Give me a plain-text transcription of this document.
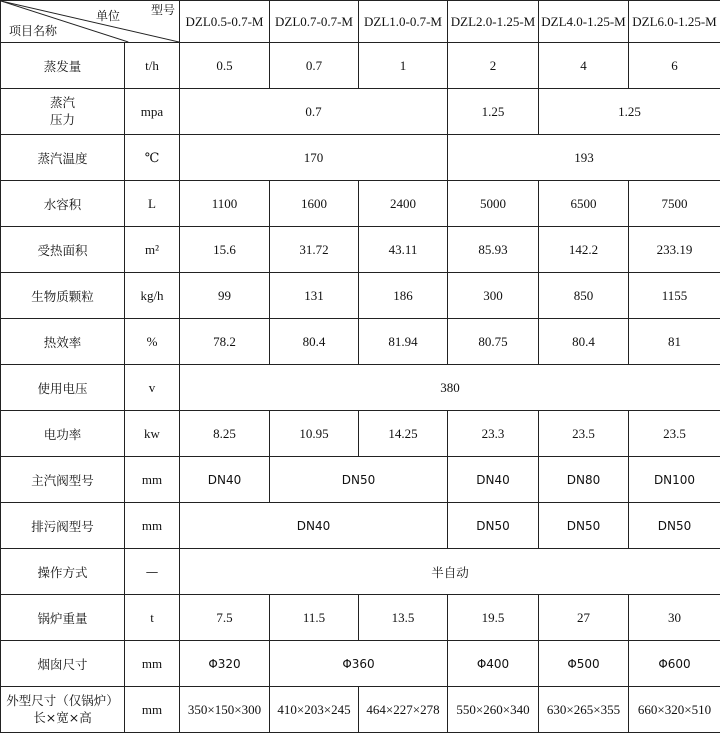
型号
单位
项目名称		DZL0.5-0.7-M	DZL0.7-0.7-M	DZL1.0-0.7-M	DZL2.0-1.25-M	DZL4.0-1.25-M	DZL6.0-1.25-M
蒸发量	t/h	0.5	0.7	1	2	4	6
蒸汽
压力	mpa	0.7			1.25	1.25	
蒸汽温度	℃	170			193		
水容积	L	1100	1600	2400	5000	6500	7500
受热面积	m²	15.6	31.72	43.11	85.93	142.2	233.19
生物质颗粒	kg/h	99	131	186	300	850	1155
热效率	%	78.2	80.4	81.94	80.75	80.4	81
使用电压	v	380					
电功率	kw	8.25	10.95	14.25	23.3	23.5	23.5
主汽阀型号	mm	DN40	DN50		DN40	DN80	DN100
排污阀型号	mm	DN40			DN50	DN50	DN50
操作方式	—	半自动					
锅炉重量	t	7.5	11.5	13.5	19.5	27	30
烟囱尺寸	mm	Φ320	Φ360		Φ400	Φ500	Φ600
外型尺寸（仅锅炉）
长×宽×高	mm	350×150×300	410×203×245	464×227×278	550×260×340	630×265×355	660×320×510
